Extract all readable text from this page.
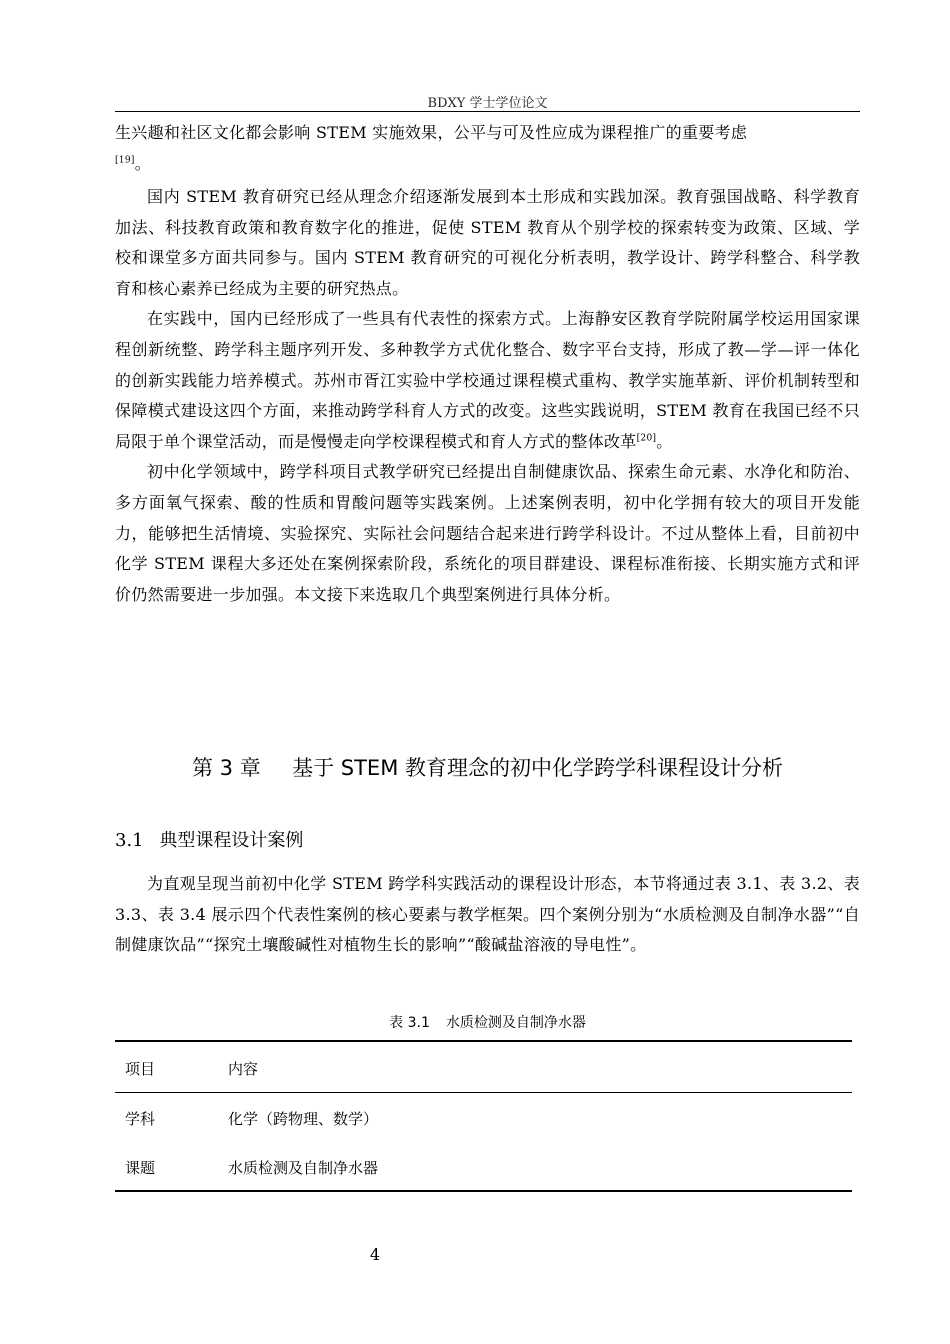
BDXY 学士学位论文
生兴趣和社区文化都会影响 STEM 实施效果，公平与可及性应成为课程推广的重要考虑
[19]。

国内 STEM 教育研究已经从理念介绍逐渐发展到本土形成和实践加深。教育强国战略、科学教育加法、科技教育政策和教育数字化的推进，促使 STEM 教育从个别学校的探索转变为政策、区域、学校和课堂多方面共同参与。国内 STEM 教育研究的可视化分析表明，教学设计、跨学科整合、科学教育和核心素养已经成为主要的研究热点。

在实践中，国内已经形成了一些具有代表性的探索方式。上海静安区教育学院附属学校运用国家课程创新统整、跨学科主题序列开发、多种教学方式优化整合、数字平台支持，形成了教—学—评一体化的创新实践能力培养模式。苏州市胥江实验中学校通过课程模式重构、教学实施革新、评价机制转型和保障模式建设这四个方面，来推动跨学科育人方式的改变。这些实践说明，STEM 教育在我国已经不只局限于单个课堂活动，而是慢慢走向学校课程模式和育人方式的整体改革[20]。

初中化学领域中，跨学科项目式教学研究已经提出自制健康饮品、探索生命元素、水净化和防治、多方面氧气探索、酸的性质和胃酸问题等实践案例。上述案例表明，初中化学拥有较大的项目开发能力，能够把生活情境、实验探究、实际社会问题结合起来进行跨学科设计。不过从整体上看，目前初中化学 STEM 课程大多还处在案例探索阶段，系统化的项目群建设、课程标准衔接、长期实施方式和评价仍然需要进一步加强。本文接下来选取几个典型案例进行具体分析。

第 3 章 基于 STEM 教育理念的初中化学跨学科课程设计分析
3.1 典型课程设计案例

为直观呈现当前初中化学 STEM 跨学科实践活动的课程设计形态，本节将通过表 3.1、表 3.2、表 3.3、表 3.4 展示四个代表性案例的核心要素与教学框架。四个案例分别为“水质检测及自制净水器”“自制健康饮品”“探究土壤酸碱性对植物生长的影响”“酸碱盐溶液的导电性”。

表 3.1 水质检测及自制净水器
项目	内容
学科	化学（跨物理、数学）
课题	水质检测及自制净水器
4
